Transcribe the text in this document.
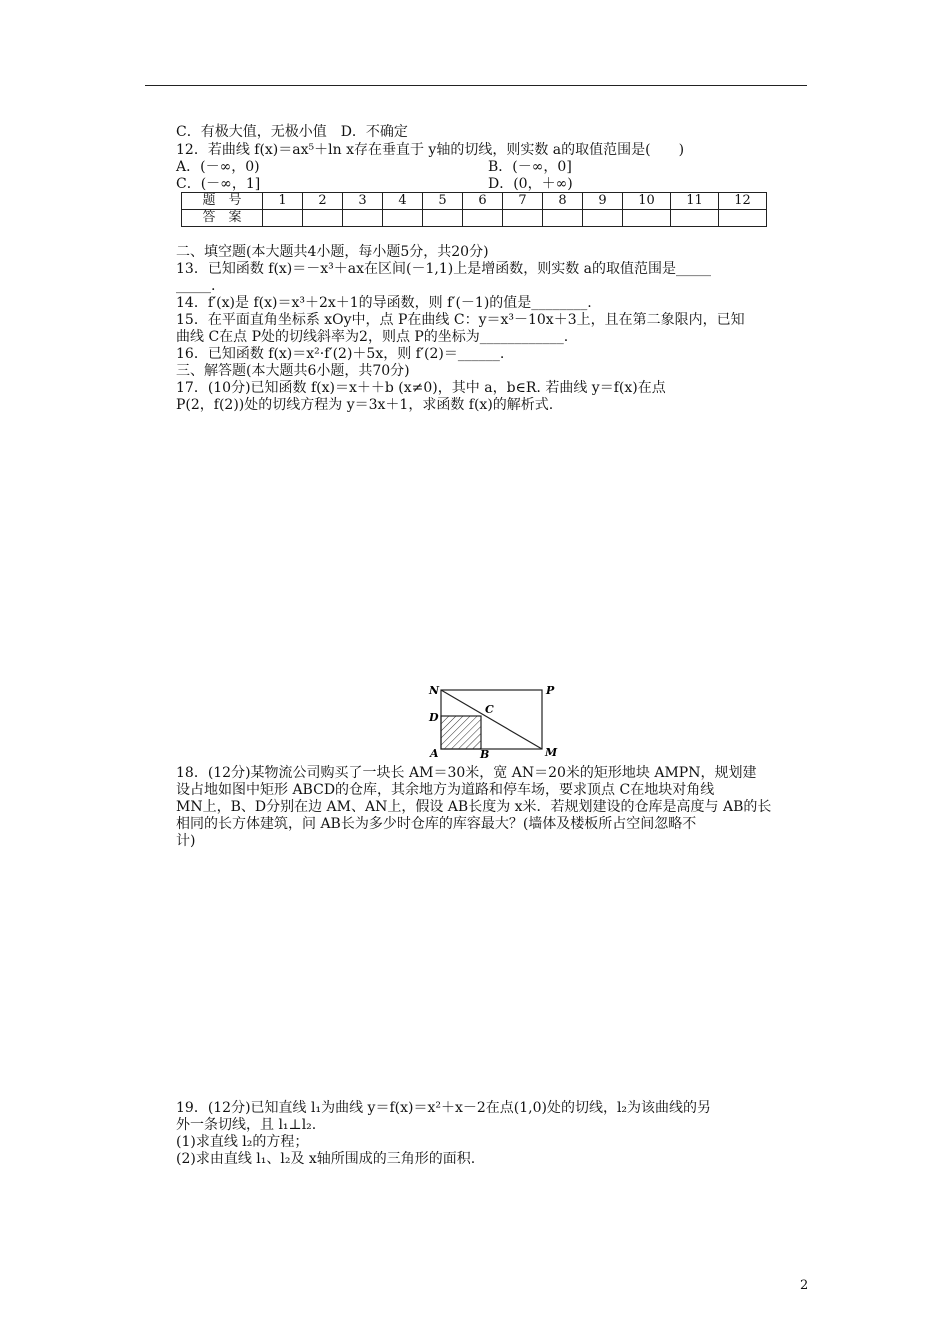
C．有极大值，无极小值　D．不确定
12．若曲线 f(x)＝ax⁵＋ln x存在垂直于 y轴的切线，则实数 a的取值范围是(　　)
A．(－∞，0)	B．(－∞，0]
C．(－∞，1]	D．(0，＋∞)
题　号	1	2	3	4	5	6	7	8	9	10	11	12
答　案												
二、填空题(本大题共4小题，每小题5分，共20分)
13．已知函数 f(x)＝－x³＋ax在区间(－1,1)上是增函数，则实数 a的取值范围是_____
_____.
14．f′(x)是 f(x)＝x³＋2x＋1的导函数，则 f′(－1)的值是________.
15．在平面直角坐标系 xOy中，点 P在曲线 C：y＝x³－10x＋3上，且在第二象限内，已知
曲线 C在点 P处的切线斜率为2，则点 P的坐标为____________.
16．已知函数 f(x)＝x²·f′(2)＋5x，则 f′(2)＝______.
三、解答题(本大题共6小题，共70分)
17．(10分)已知函数 f(x)＝x＋＋b (x≠0)，其中 a，b∈R. 若曲线 y＝f(x)在点
P(2，f(2))处的切线方程为 y＝3x＋1，求函数 f(x)的解析式.
N	P
D
C
A	B	M
18．(12分)某物流公司购买了一块长 AM＝30米，宽 AN＝20米的矩形地块 AMPN，规划建
设占地如图中矩形 ABCD的仓库，其余地方为道路和停车场，要求顶点 C在地块对角线
MN上，B、D分别在边 AM、AN上，假设 AB长度为 x米．若规划建设的仓库是高度与 AB的长
相同的长方体建筑，问 AB长为多少时仓库的库容最大？(墙体及楼板所占空间忽略不
计)
19．(12分)已知直线 l₁为曲线 y＝f(x)＝x²＋x－2在点(1,0)处的切线，l₂为该曲线的另
外一条切线，且 l₁⊥l₂.
(1)求直线 l₂的方程；
(2)求由直线 l₁、l₂及 x轴所围成的三角形的面积.
2
